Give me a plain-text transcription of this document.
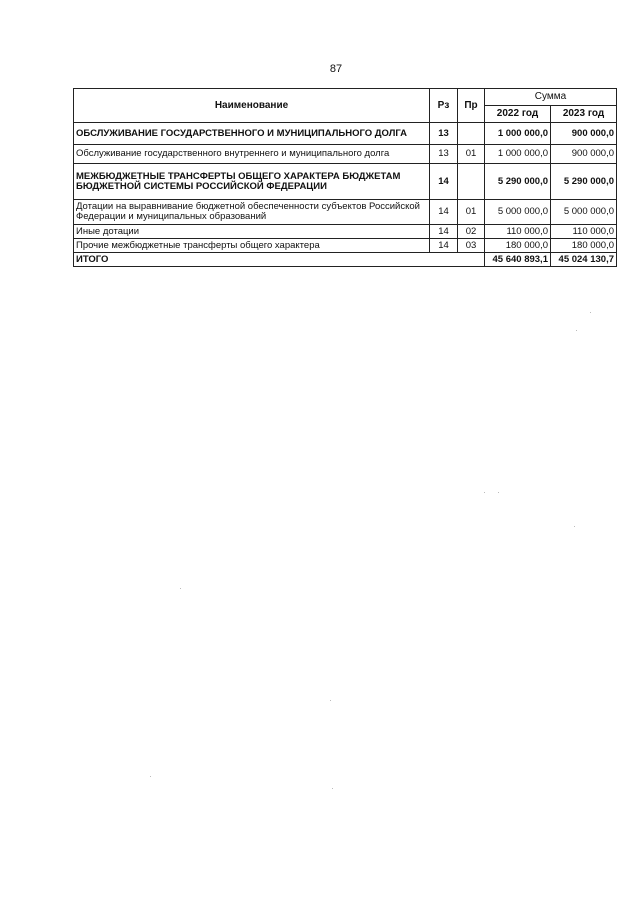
87
Наименование	Рз	Пр	Сумма	
			2022 год	2023 год
ОБСЛУЖИВАНИЕ ГОСУДАРСТВЕННОГО И МУНИЦИПАЛЬНОГО ДОЛГА	13		1 000 000,0	900 000,0
Обслуживание государственного внутреннего и муниципального долга	13	01	1 000 000,0	900 000,0
МЕЖБЮДЖЕТНЫЕ ТРАНСФЕРТЫ ОБЩЕГО ХАРАКТЕРА БЮДЖЕТАМ БЮДЖЕТНОЙ СИСТЕМЫ РОССИЙСКОЙ ФЕДЕРАЦИИ	14		5 290 000,0	5 290 000,0
Дотации на выравнивание бюджетной обеспеченности субъектов Российской Федерации и муниципальных образований	14	01	5 000 000,0	5 000 000,0
Иные дотации	14	02	110 000,0	110 000,0
Прочие межбюджетные трансферты общего характера	14	03	180 000,0	180 000,0
ИТОГО			45 640 893,1	45 024 130,7
